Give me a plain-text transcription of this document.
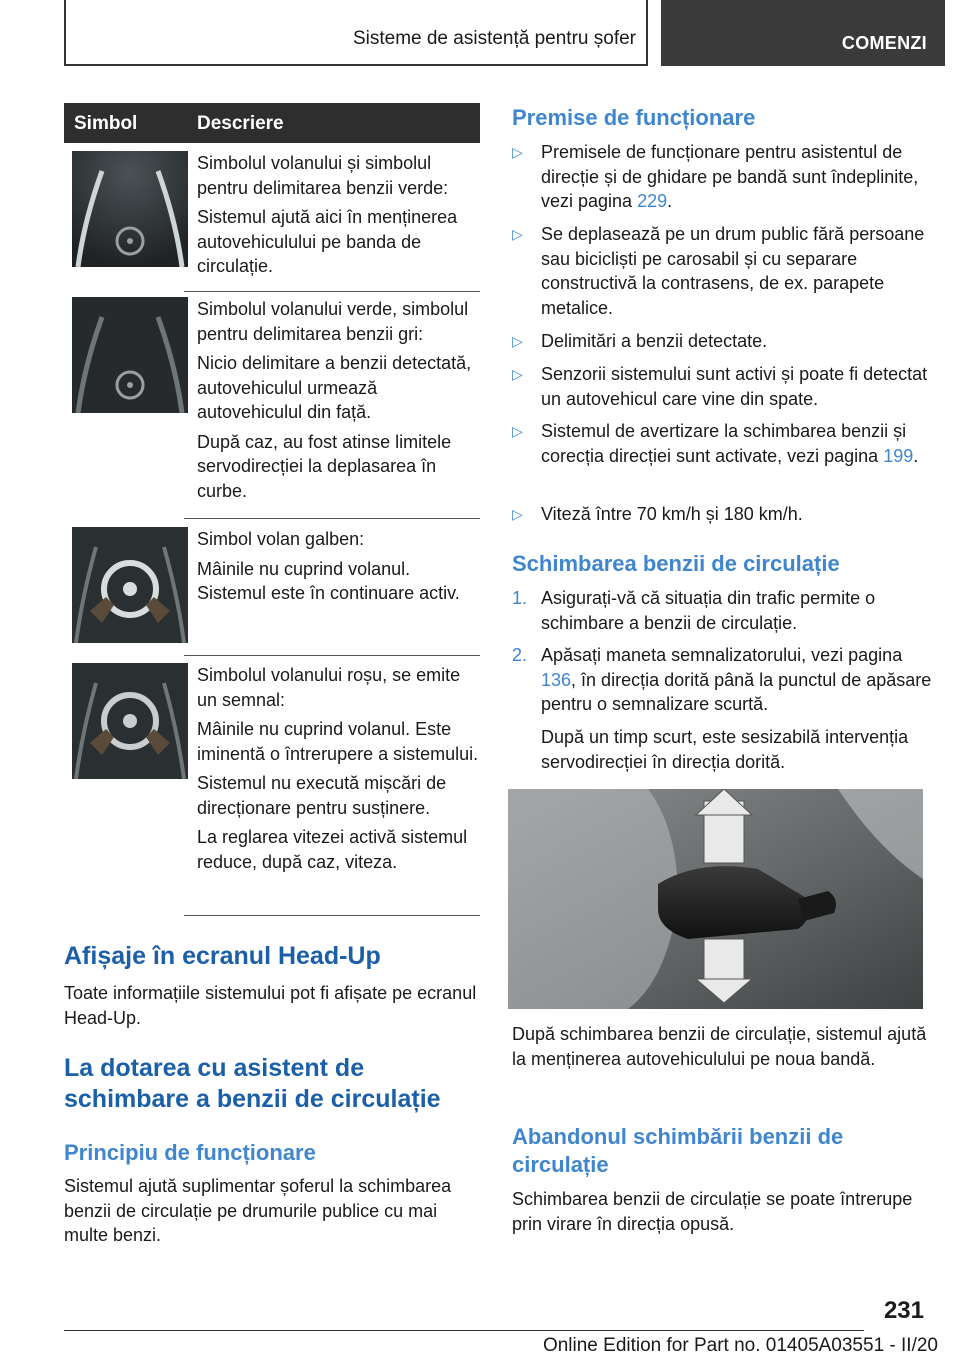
Sisteme de asistență pentru șofer	COMENZI
Simbol	Descriere

Simbolul volanului și simbolul pentru delimitarea benzii verde:

Sistemul ajută aici în menținerea autovehiculului pe banda de circulație.

Simbolul volanului verde, simbolul pentru delimitarea benzii gri:

Nicio delimitare a benzii detectată, autovehiculul urmează autovehiculul din față.

După caz, au fost atinse limitele servodirecției la deplasarea în curbe.

Simbol volan galben:

Mâinile nu cuprind volanul. Sistemul este în continuare activ.

Simbolul volanului roșu, se emite un semnal:

Mâinile nu cuprind volanul. Este iminentă o întrerupere a sistemului.

Sistemul nu execută mișcări de direcționare pentru susținere.

La reglarea vitezei activă sistemul reduce, după caz, viteza.

Afișaje în ecranul Head-Up
Toate informațiile sistemului pot fi afișate pe ecranul Head-Up.
La dotarea cu asistent de schimbare a benzii de circulație
Principiu de funcționare
Sistemul ajută suplimentar șoferul la schimbarea benzii de circulație pe drumurile publice cu mai multe benzi.
Premise de funcționare
▷ Premisele de funcționare pentru asistentul de direcție și de ghidare pe bandă sunt îndeplinite, vezi pagina 229.
▷ Se deplasează pe un drum public fără persoane sau bicicliști pe carosabil și cu separare constructivă la contrasens, de ex. parapete metalice.
▷ Delimitări a benzii detectate.
▷ Senzorii sistemului sunt activi și poate fi detectat un autovehicul care vine din spate.
▷ Sistemul de avertizare la schimbarea benzii și corecția direcției sunt activate, vezi pagina 199.
▷ Viteză între 70 km/h și 180 km/h.
Schimbarea benzii de circulație
1. Asigurați-vă că situația din trafic permite o schimbare a benzii de circulație.
2. Apăsați maneta semnalizatorului, vezi pagina 136, în direcția dorită până la punctul de apăsare pentru o semnalizare scurtă.
După un timp scurt, este sesizabilă intervenția servodirecției în direcția dorită.
După schimbarea benzii de circulație, sistemul ajută la menținerea autovehiculului pe noua bandă.
Abandonul schimbării benzii de circulație
Schimbarea benzii de circulație se poate întrerupe prin virare în direcția opusă.
231
Online Edition for Part no. 01405A03551 - II/20
